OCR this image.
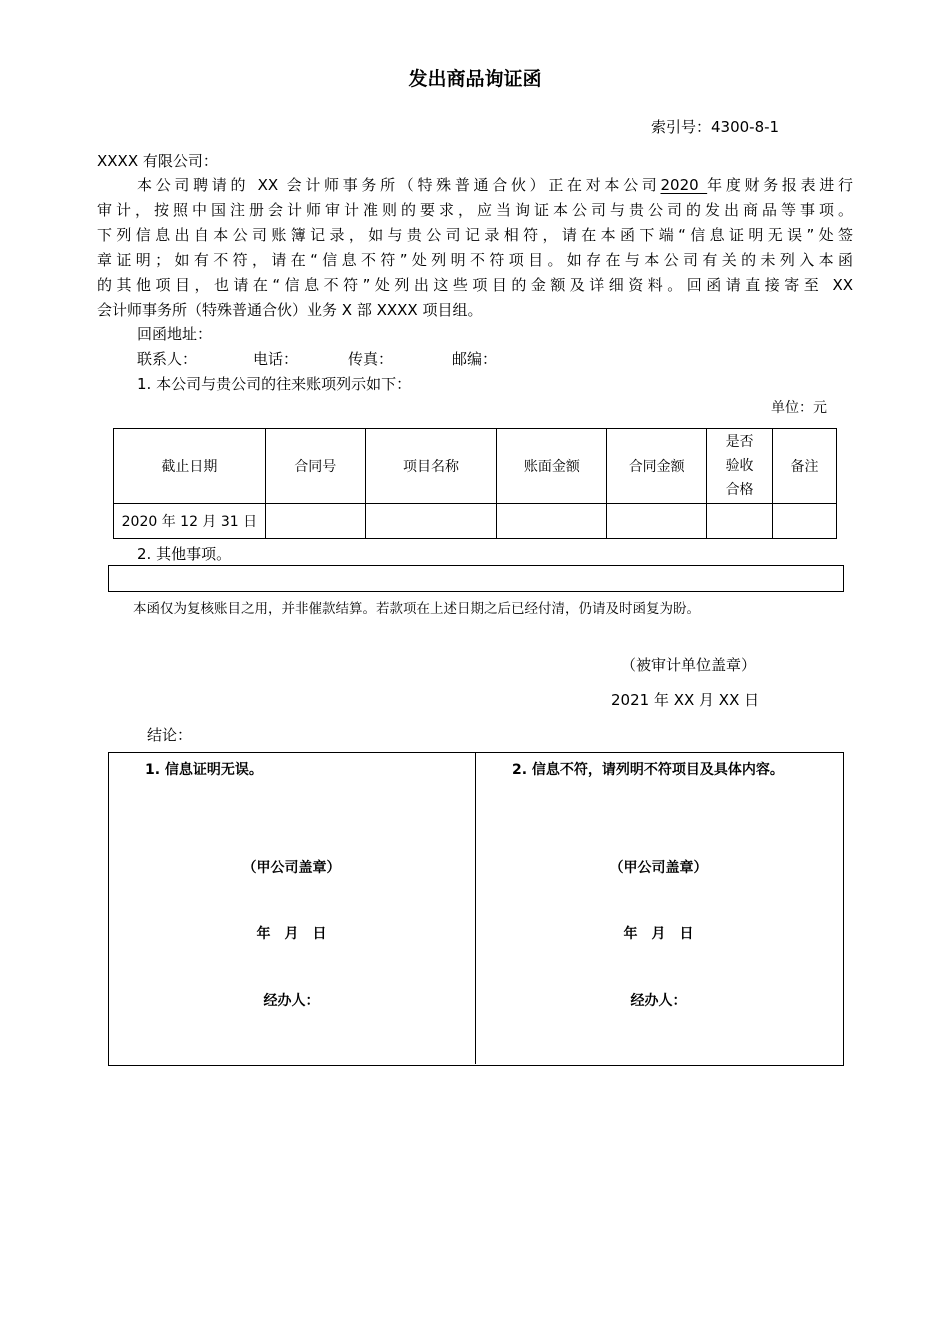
发出商品询证函
索引号：4300-8-1
XXXX 有限公司：
本公司聘请的 XX 会计师事务所（特殊普通合伙）正在对本公司2020 年度财务报表进行
审计，按照中国注册会计师审计准则的要求，应当询证本公司与贵公司的发出商品等事项。
下列信息出自本公司账簿记录，如与贵公司记录相符，请在本函下端“信息证明无误”处签
章证明；如有不符，请在“信息不符”处列明不符项目。如存在与本公司有关的未列入本函
的其他项目，也请在“信息不符”处列出这些项目的金额及详细资料。回函请直接寄至 XX
会计师事务所（特殊普通合伙）业务 X 部 XXXX 项目组。
回函地址：
联系人：	电话：	传真：	邮编：
1. 本公司与贵公司的往来账项列示如下：
单位：元
截止日期	合同号	项目名称	账面金额	合同金额	是否
验收
合格	备注
2020 年 12 月 31 日						
2. 其他事项。
本函仅为复核账目之用，并非催款结算。若款项在上述日期之后已经付清，仍请及时函复为盼。
（被审计单位盖章）
2021 年 XX 月 XX 日
结论：
1. 信息证明无误。
（甲公司盖章）
年　月　日
经办人：
2. 信息不符，请列明不符项目及具体内容。
（甲公司盖章）
年　月　日
经办人：
